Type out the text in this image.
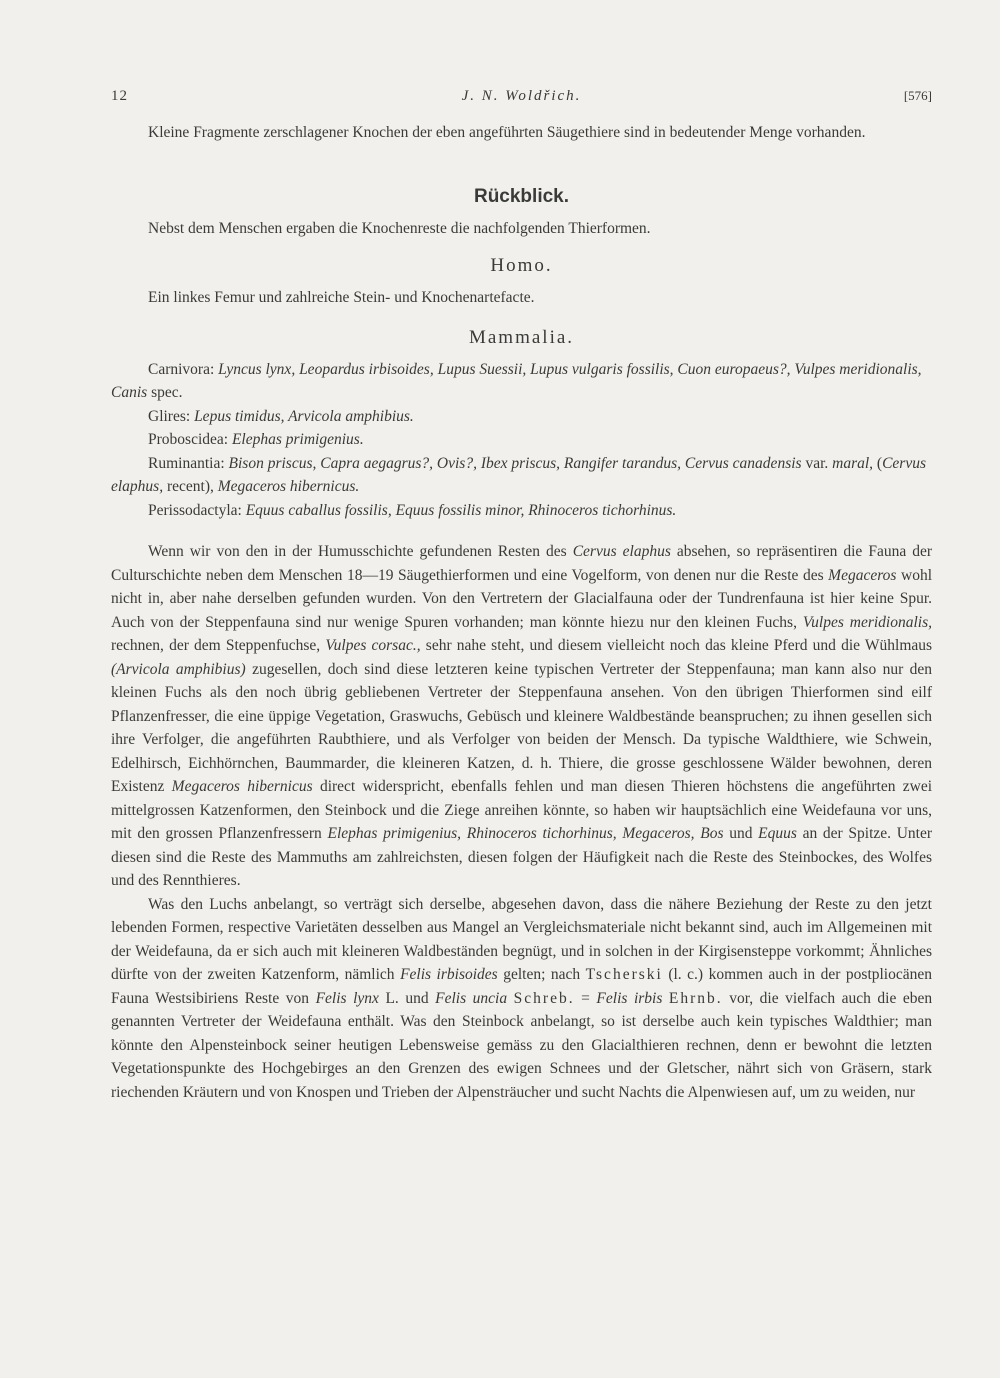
12	J. N. Woldřich.	[576]

Kleine Fragmente zerschlagener Knochen der eben angeführten Säugethiere sind in bedeutender Menge vorhanden.

Rückblick.

Nebst dem Menschen ergaben die Knochenreste die nachfolgenden Thierformen.

Homo.

Ein linkes Femur und zahlreiche Stein- und Knochenartefacte.

Mammalia.

Carnivora: Lyncus lynx, Leopardus irbisoides, Lupus Suessii, Lupus vulgaris fossilis, Cuon europaeus?, Vulpes meridionalis, Canis spec.

Glires: Lepus timidus, Arvicola amphibius.

Proboscidea: Elephas primigenius.

Ruminantia: Bison priscus, Capra aegagrus?, Ovis?, Ibex priscus, Rangifer tarandus, Cervus canadensis var. maral, (Cervus elaphus, recent), Megaceros hibernicus.

Perissodactyla: Equus caballus fossilis, Equus fossilis minor, Rhinoceros tichorhinus.

Wenn wir von den in der Humusschichte gefundenen Resten des Cervus elaphus absehen, so repräsentiren die Fauna der Culturschichte neben dem Menschen 18—19 Säugethierformen und eine Vogelform, von denen nur die Reste des Megaceros wohl nicht in, aber nahe derselben gefunden wurden. Von den Vertretern der Glacialfauna oder der Tundrenfauna ist hier keine Spur. Auch von der Steppenfauna sind nur wenige Spuren vorhanden; man könnte hiezu nur den kleinen Fuchs, Vulpes meridionalis, rechnen, der dem Steppenfuchse, Vulpes corsac., sehr nahe steht, und diesem vielleicht noch das kleine Pferd und die Wühlmaus (Arvicola amphibius) zugesellen, doch sind diese letzteren keine typischen Vertreter der Steppenfauna; man kann also nur den kleinen Fuchs als den noch übrig gebliebenen Vertreter der Steppenfauna ansehen. Von den übrigen Thierformen sind eilf Pflanzenfresser, die eine üppige Vegetation, Graswuchs, Gebüsch und kleinere Waldbestände beanspruchen; zu ihnen gesellen sich ihre Verfolger, die angeführten Raubthiere, und als Verfolger von beiden der Mensch. Da typische Waldthiere, wie Schwein, Edelhirsch, Eichhörnchen, Baummarder, die kleineren Katzen, d. h. Thiere, die grosse geschlossene Wälder bewohnen, deren Existenz Megaceros hibernicus direct widerspricht, ebenfalls fehlen und man diesen Thieren höchstens die angeführten zwei mittelgrossen Katzenformen, den Steinbock und die Ziege anreihen könnte, so haben wir hauptsächlich eine Weidefauna vor uns, mit den grossen Pflanzenfressern Elephas primigenius, Rhinoceros tichorhinus, Megaceros, Bos und Equus an der Spitze. Unter diesen sind die Reste des Mammuths am zahlreichsten, diesen folgen der Häufigkeit nach die Reste des Steinbockes, des Wolfes und des Rennthieres.

Was den Luchs anbelangt, so verträgt sich derselbe, abgesehen davon, dass die nähere Beziehung der Reste zu den jetzt lebenden Formen, respective Varietäten desselben aus Mangel an Vergleichsmateriale nicht bekannt sind, auch im Allgemeinen mit der Weidefauna, da er sich auch mit kleineren Waldbeständen begnügt, und in solchen in der Kirgisensteppe vorkommt; Ähnliches dürfte von der zweiten Katzenform, nämlich Felis irbisoides gelten; nach Tscherski (l. c.) kommen auch in der postpliocänen Fauna Westsibiriens Reste von Felis lynx L. und Felis uncia Schreb. = Felis irbis Ehrnb. vor, die vielfach auch die eben genannten Vertreter der Weidefauna enthält. Was den Steinbock anbelangt, so ist derselbe auch kein typisches Waldthier; man könnte den Alpensteinbock seiner heutigen Lebensweise gemäss zu den Glacialthieren rechnen, denn er bewohnt die letzten Vegetationspunkte des Hochgebirges an den Grenzen des ewigen Schnees und der Gletscher, nährt sich von Gräsern, stark riechenden Kräutern und von Knospen und Trieben der Alpensträucher und sucht Nachts die Alpenwiesen auf, um zu weiden, nur
